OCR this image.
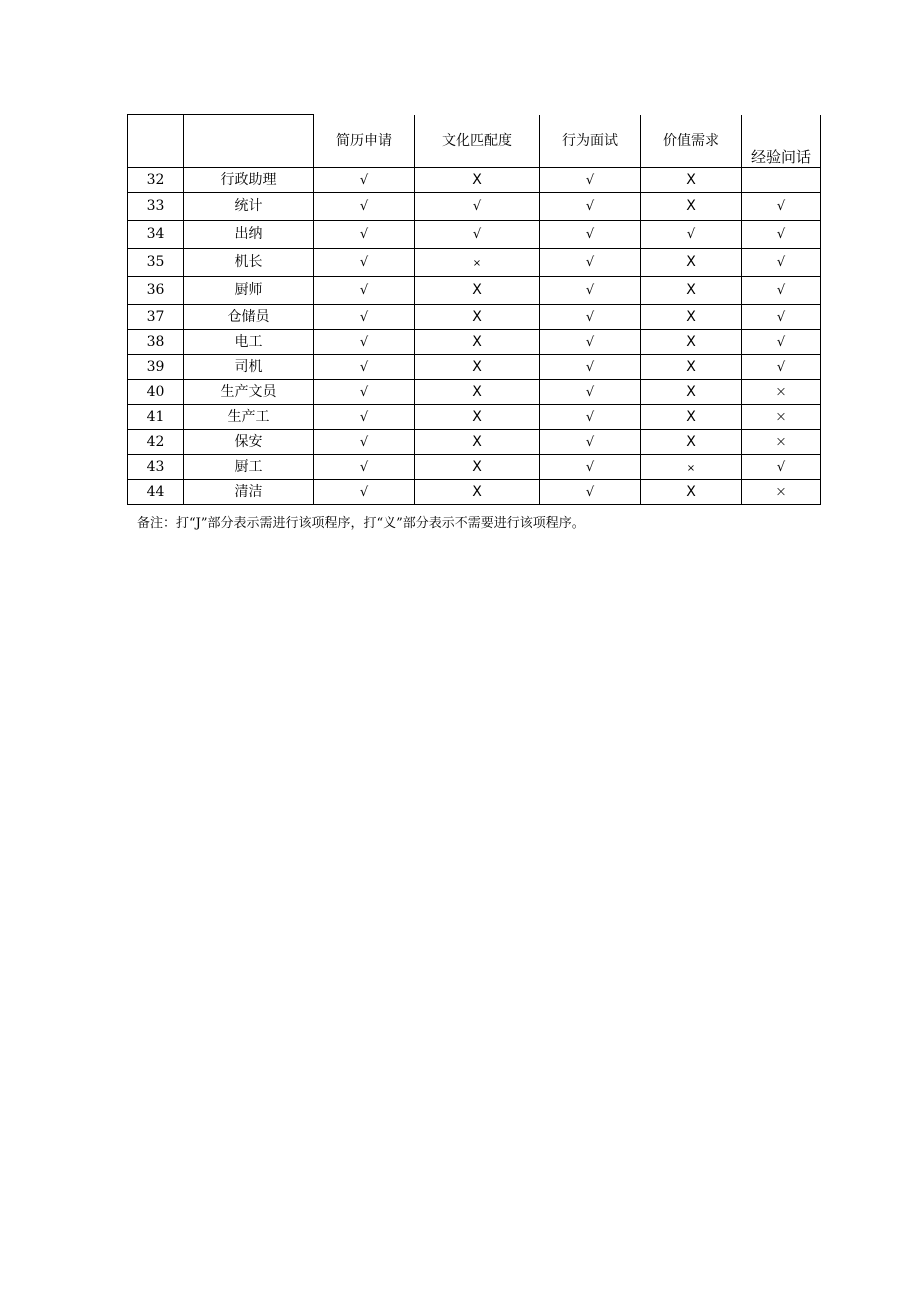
		简历申请	文化匹配度	行为面试	价值需求	经验问话
32	行政助理	√	X	√	X	
33	统计	√	√	√	X	√
34	出纳	√	√	√	√	√
35	机长	√	×	√	X	√
36	厨师	√	X	√	X	√
37	仓储员	√	X	√	X	√
38	电工	√	X	√	X	√
39	司机	√	X	√	X	√
40	生产文员	√	X	√	X	×
41	生产工	√	X	√	X	×
42	保安	√	X	√	X	×
43	厨工	√	X	√	×	√
44	清洁	√	X	√	X	×
备注：打“J”部分表示需进行该项程序，打“义”部分表示不需要进行该项程序。
